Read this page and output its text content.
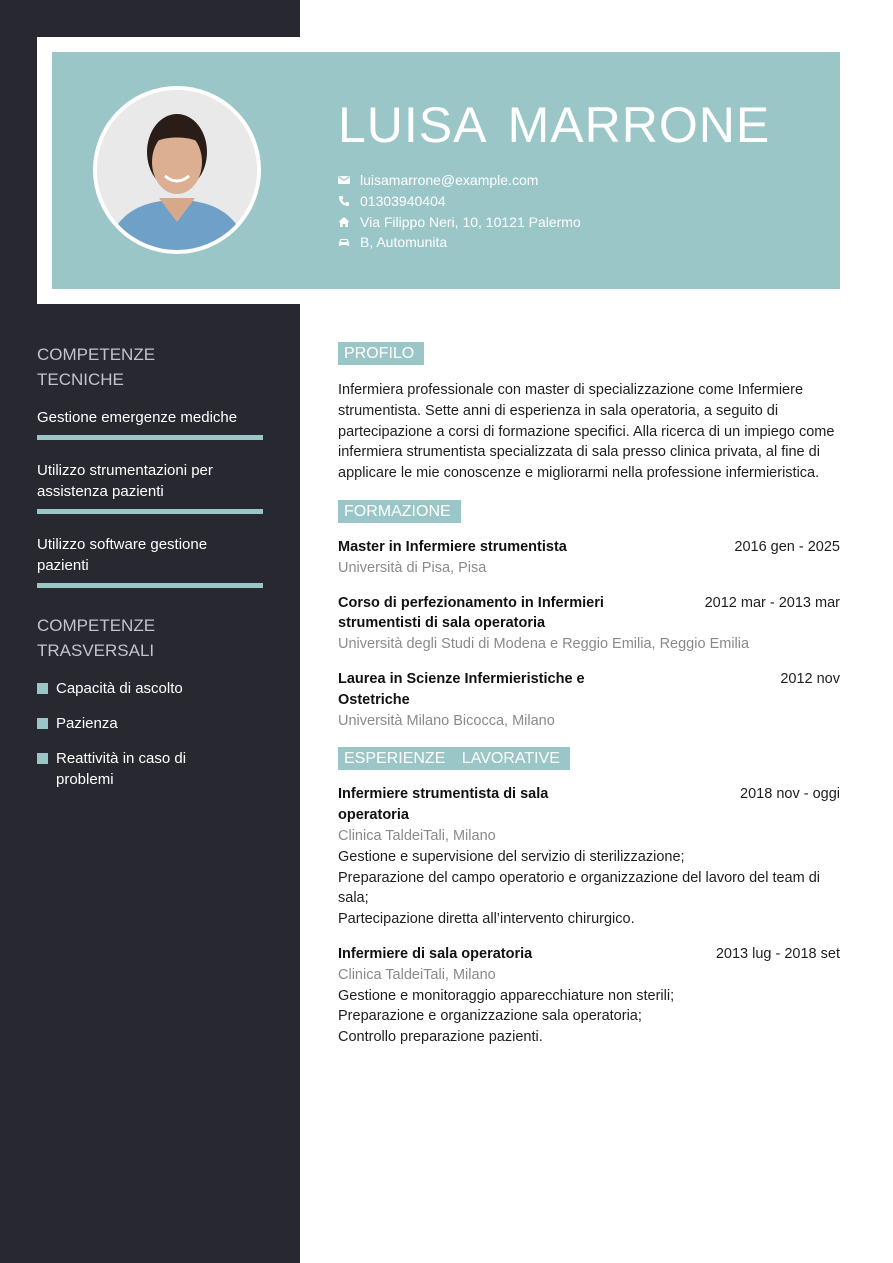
LUISA MARRONE
luisamarrone@example.com
01303940404
Via Filippo Neri, 10, 10121 Palermo
B, Automunita
COMPETENZE TECNICHE
Gestione emergenze mediche
Utilizzo strumentazioni per assistenza pazienti
Utilizzo software gestione pazienti
COMPETENZE TRASVERSALI
Capacità di ascolto
Pazienza
Reattività in caso di problemi
PROFILO
Infermiera professionale con master di specializzazione come Infermiere strumentista. Sette anni di esperienza in sala operatoria, a seguito di partecipazione a corsi di formazione specifici. Alla ricerca di un impiego come infermiera strumentista specializzata di sala presso clinica privata, al fine di applicare le mie conoscenze e migliorarmi nella professione infermieristica.
FORMAZIONE
Master in Infermiere strumentista	2016 gen - 2025
Università di Pisa, Pisa
Corso di perfezionamento in Infermieri strumentisti di sala operatoria
2012 mar - 2013 mar
Università degli Studi di Modena e Reggio Emilia, Reggio Emilia
Laurea in Scienze Infermieristiche e Ostetriche
2012 nov
Università Milano Bicocca, Milano
ESPERIENZE LAVORATIVE
Infermiere strumentista di sala operatoria
2018 nov - oggi
Clinica TaldeiTali, Milano
Gestione e supervisione del servizio di sterilizzazione;
Preparazione del campo operatorio e organizzazione del lavoro del team di sala;
Partecipazione diretta all’intervento chirurgico.
Infermiere di sala operatoria	2013 lug - 2018 set
Clinica TaldeiTali, Milano
Gestione e monitoraggio apparecchiature non sterili;
Preparazione e organizzazione sala operatoria;
Controllo preparazione pazienti.
